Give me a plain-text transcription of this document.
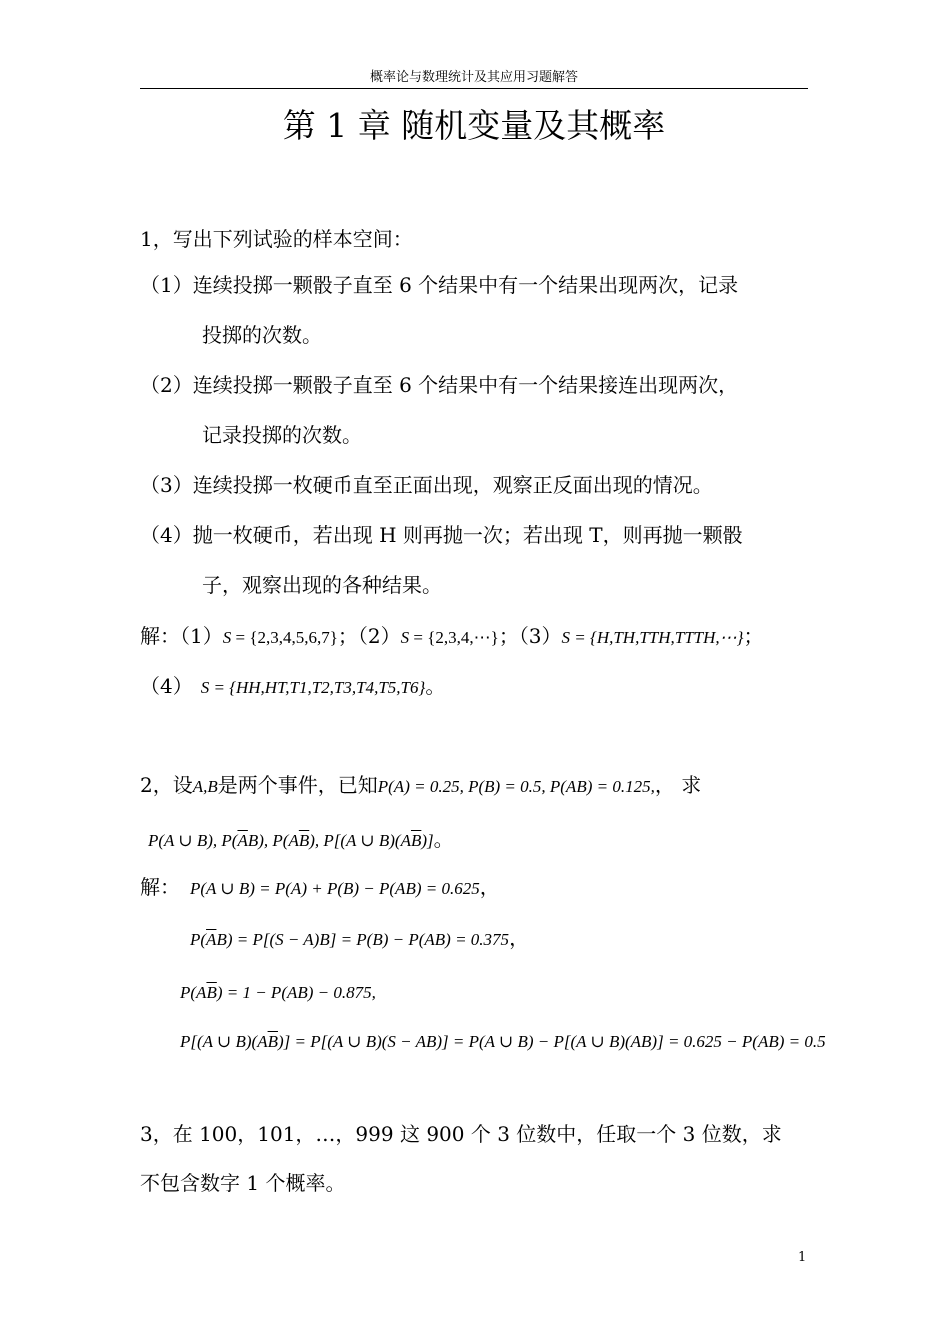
概率论与数理统计及其应用习题解答
第 1 章 随机变量及其概率
1，写出下列试验的样本空间：
（1）连续投掷一颗骰子直至 6 个结果中有一个结果出现两次，记录
投掷的次数。
（2）连续投掷一颗骰子直至 6 个结果中有一个结果接连出现两次，
记录投掷的次数。
（3）连续投掷一枚硬币直至正面出现，观察正反面出现的情况。
（4）抛一枚硬币，若出现 H 则再抛一次；若出现 T，则再抛一颗骰
子，观察出现的各种结果。
解：（1）S = {2,3,4,5,6,7}；（2）S = {2,3,4,⋯}；（3）S = {H,TH,TTH,TTTH,⋯}；
（4） S = {HH,HT,T1,T2,T3,T4,T5,T6}。
2，设A,B是两个事件，已知P(A) = 0.25, P(B) = 0.5, P(AB) = 0.125,， 求
P(A ∪ B), $P(\overline{A}B)$, $P(A\overline{B})$, P[(A ∪ $B)(A\overline{B})$]。
解： P(A ∪ B) = P(A) + P(B) − P(AB) = 0.625，
$P(\overline{A}B) = P[(S - A)B] = P(B) - P(AB) = 0.375$，
$P(A\overline{B}) = 1 - P(AB) - 0.875$,
P[(A ∪ $B)(A\overline{B})] = P[(A$ ∪ B)(S − AB)] = P(A ∪ B) − P[(A ∪ B)(AB)] = 0.625 − P(AB) = 0.5
3，在 100，101，…，999 这 900 个 3 位数中，任取一个 3 位数，求
不包含数字 1 个概率。
1
